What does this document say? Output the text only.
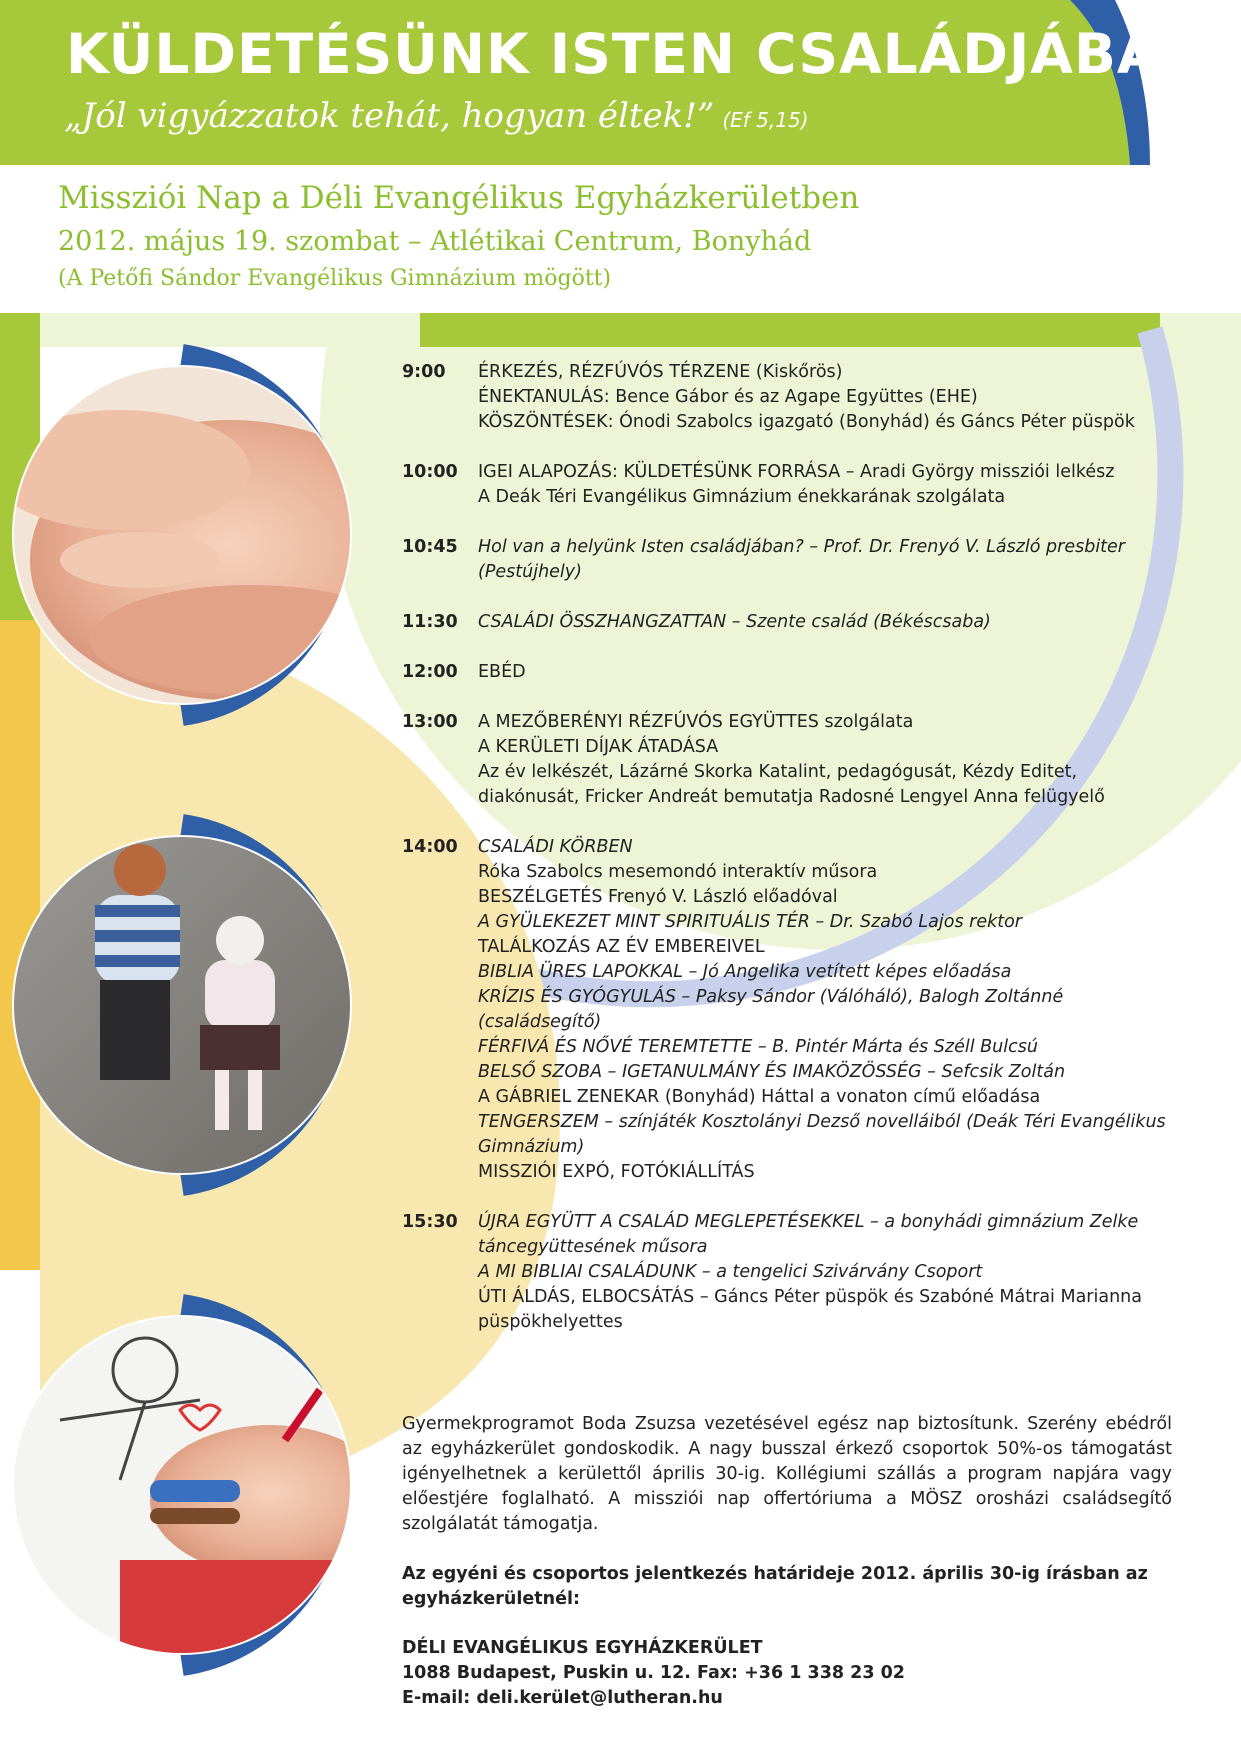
KÜLDETÉSÜNK ISTEN CSALÁDJÁBAN
„Jól vigyázzatok tehát, hogyan éltek!” (Ef 5,15)
Missziói Nap a Déli Evangélikus Egyházkerületben
2012. május 19. szombat – Atlétikai Centrum, Bonyhád
(A Petőfi Sándor Evangélikus Gimnázium mögött)
9:00	ÉRKEZÉS, RÉZFÚVÓS TÉRZENE (Kiskőrös)
ÉNEKTANULÁS: Bence Gábor és az Agape Együttes (EHE)
KÖSZÖNTÉSEK: Ónodi Szabolcs igazgató (Bonyhád) és Gáncs Péter püspök
10:00	IGEI ALAPOZÁS: KÜLDETÉSÜNK FORRÁSA – Aradi György missziói lelkész
A Deák Téri Evangélikus Gimnázium énekkarának szolgálata
10:45	Hol van a helyünk Isten családjában? – Prof. Dr. Frenyó V. László presbiter (Pestújhely)
11:30	CSALÁDI ÖSSZHANGZATTAN – Szente család (Békéscsaba)
12:00	EBÉD
13:00	A MEZŐBERÉNYI RÉZFÚVÓS EGYÜTTES szolgálata
A KERÜLETI DÍJAK ÁTADÁSA
Az év lelkészét, Lázárné Skorka Katalint, pedagógusát, Kézdy Editet, diakónusát, Fricker Andreát bemutatja Radosné Lengyel Anna felügyelő
14:00	CSALÁDI KÖRBEN
Róka Szabolcs mesemondó interaktív műsora
BESZÉLGETÉS Frenyó V. László előadóval
A GYÜLEKEZET MINT SPIRITUÁLIS TÉR – Dr. Szabó Lajos rektor
TALÁLKOZÁS AZ ÉV EMBEREIVEL
BIBLIA ÜRES LAPOKKAL – Jó Angelika vetített képes előadása
KRÍZIS ÉS GYÓGYULÁS – Paksy Sándor (Válóháló), Balogh Zoltánné (családsegítő)
FÉRFIVÁ ÉS NŐVÉ TEREMTETTE – B. Pintér Márta és Széll Bulcsú
BELSŐ SZOBA – IGETANULMÁNY ÉS IMAKÖZÖSSÉG – Sefcsik Zoltán
A GÁBRIEL ZENEKAR (Bonyhád) Háttal a vonaton című előadása
TENGERSZEM – színjáték Kosztolányi Dezső novelláiból (Deák Téri Evangélikus Gimnázium)
MISSZIÓI EXPÓ, FOTÓKIÁLLÍTÁS
15:30	ÚJRA EGYÜTT A CSALÁD MEGLEPETÉSEKKEL – a bonyhádi gimnázium Zelke táncegyüttesének műsora
A MI BIBLIAI CSALÁDUNK – a tengelici Szivárvány Csoport
ÚTI ÁLDÁS, ELBOCSÁTÁS – Gáncs Péter püspök és Szabóné Mátrai Marianna püspökhelyettes
Gyermekprogramot Boda Zsuzsa vezetésével egész nap biztosítunk. Szerény ebédről az egyházkerület gondoskodik. A nagy busszal érkező csoportok 50%-os támogatást igényelhetnek a kerülettől április 30-ig. Kollégiumi szállás a program napjára vagy előestjére foglalható. A missziói nap offertóriuma a MÖSZ orosházi családsegítő szolgálatát támogatja.
Az egyéni és csoportos jelentkezés határideje 2012. április 30-ig írásban az egyházkerületnél:
DÉLI EVANGÉLIKUS EGYHÁZKERÜLET
1088 Budapest, Puskin u. 12. Fax: +36 1 338 23 02
E-mail: deli.kerület@lutheran.hu
